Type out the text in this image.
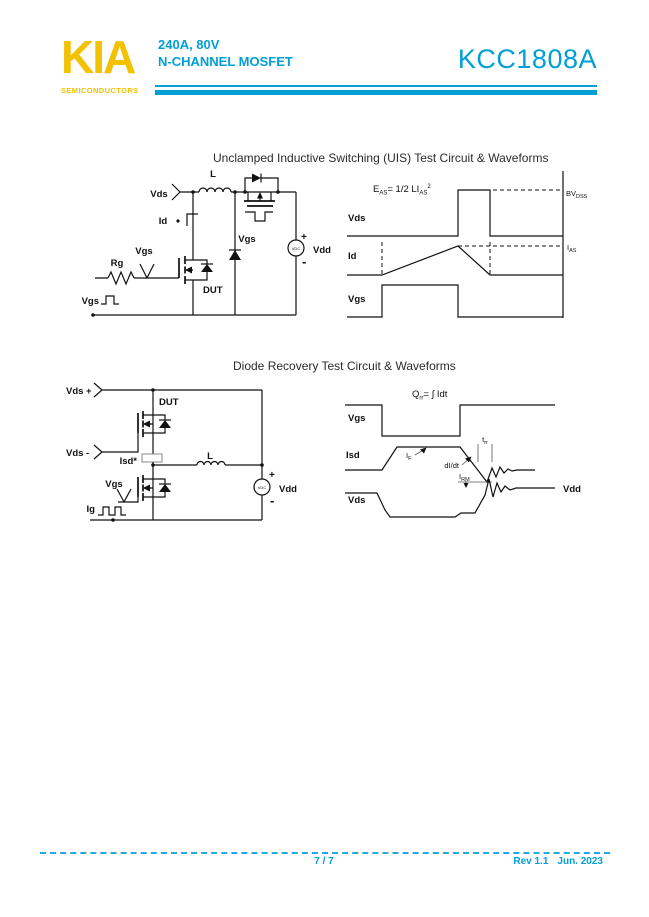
KIA
SEMICONDUCTORS
240A, 80V
N-CHANNEL MOSFET	KCC1808A
Unclamped Inductive Switching (UIS) Test Circuit & Waveforms
Vds
L
Id
Rg
Vgs
DUT
Vgs	+
-
VDC Vdd
Vgs
$E_{AS}= 1/2$ $LI_{AS}^2$
Vds
Id
Vgs
$BV_{DSS}$
$I_{AS}$
Diode Recovery Test Circuit & Waveforms
Vds +
DUT
Vds -
Isd*	L
Vgs
Ig
+
-
VDC Vdd
$Q_{rr}=$ ∫ Idt
Vgs
Isd
Vds
$I_F$
dI/dt
$t_{rr}$
$I_{RM}$
Vdd
7 / 7	Rev 1.1 Jun. 2023
